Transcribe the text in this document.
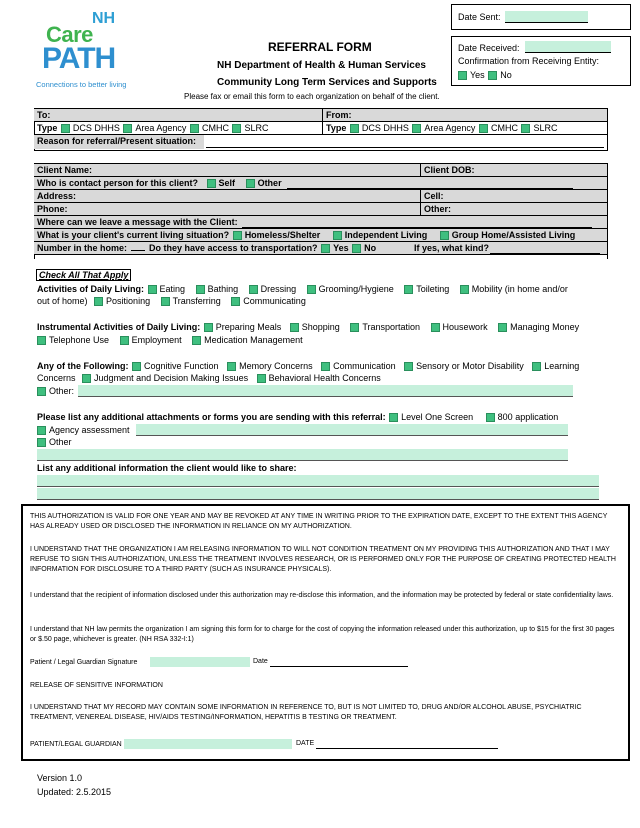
NH
Care
PATH
Connections to better living
REFERRAL FORM
NH Department of Health & Human Services
Community Long Term Services and Supports
Please fax or email this form to each organization on behalf of the client.
Date Sent:
Date Received:
Confirmation from Receiving Entity:
Yes No
To:	From:
Type DCS DHHS Area Agency CMHC SLRC	Type DCS DHHS Area Agency CMHC SLRC
Reason for referral/Present situation:
Client Name:	Client DOB:
Who is contact person for this client? Self	Other
Address:	Cell:
Phone:	Other:
Where can we leave a message with the Client:
What is your client's current living situation? Homeless/Shelter	Independent Living	Group Home/Assisted Living
Number in the home: Do they have access to transportation? Yes No	If yes, what kind?
Check All That Apply
Activities of Daily Living: Eating	Bathing	Dressing	Grooming/Hygiene	Toileting	Mobility (in home and/or
out of home) Positioning	Transferring	Communicating
Instrumental Activities of Daily Living: Preparing Meals Shopping	Transportation	Housework	Managing Money
Telephone Use	Employment	Medication Management
Any of the Following: Cognitive Function Memory Concerns Communication Sensory or Motor Disability Learning
Concerns Judgment and Decision Making Issues Behavioral Health Concerns
Other:
Please list any additional attachments or forms you are sending with this referral: Level One Screen	800 application
Agency assessment
Other
List any additional information the client would like to share:
THIS AUTHORIZATION IS VALID FOR ONE YEAR AND MAY BE REVOKED AT ANY TIME IN WRITING PRIOR TO THE EXPIRATION DATE, EXCEPT TO THE EXTENT THIS AGENCY HAS ALREADY USED OR DISCLOSED THE INFORMATION IN RELIANCE ON MY AUTHORIZATION.
I UNDERSTAND THAT THE ORGANIZATION I AM RELEASING INFORMATION TO WILL NOT CONDITION TREATMENT ON MY PROVIDING THIS AUTHORIZATION AND THAT I MAY REFUSE TO SIGN THIS AUTHORIZATION, UNLESS THE TREATMENT INVOLVES RESEARCH, OR IS PERFORMED ONLY FOR THE PURPOSE OF CREATING PROTECTED HEALTH INFORMATION FOR DISCLOSURE TO A THIRD PARTY (SUCH AS INSURANCE PHYSICALS).
I understand that the recipient of information disclosed under this authorization may re-disclose this information, and the information may be protected by federal or state confidentiality laws.
I understand that NH law permits the organization I am signing this form for to charge for the cost of copying the information released under this authorization, up to $15 for the first 30 pages or $.50 page, whichever is greater. (NH RSA 332-I:1)
Patient / Legal Guardian Signature	Date
RELEASE OF SENSITIVE INFORMATION
I UNDERSTAND THAT MY RECORD MAY CONTAIN SOME INFORMATION IN REFERENCE TO, BUT IS NOT LIMITED TO, DRUG AND/OR ALCOHOL ABUSE, PSYCHIATRIC TREATMENT, VENEREAL DISEASE, HIV/AIDS TESTING/INFORMATION, HEPATITIS B TESTING OR TREATMENT.
PATIENT/LEGAL GUARDIAN	DATE
Version 1.0
Updated: 2.5.2015
